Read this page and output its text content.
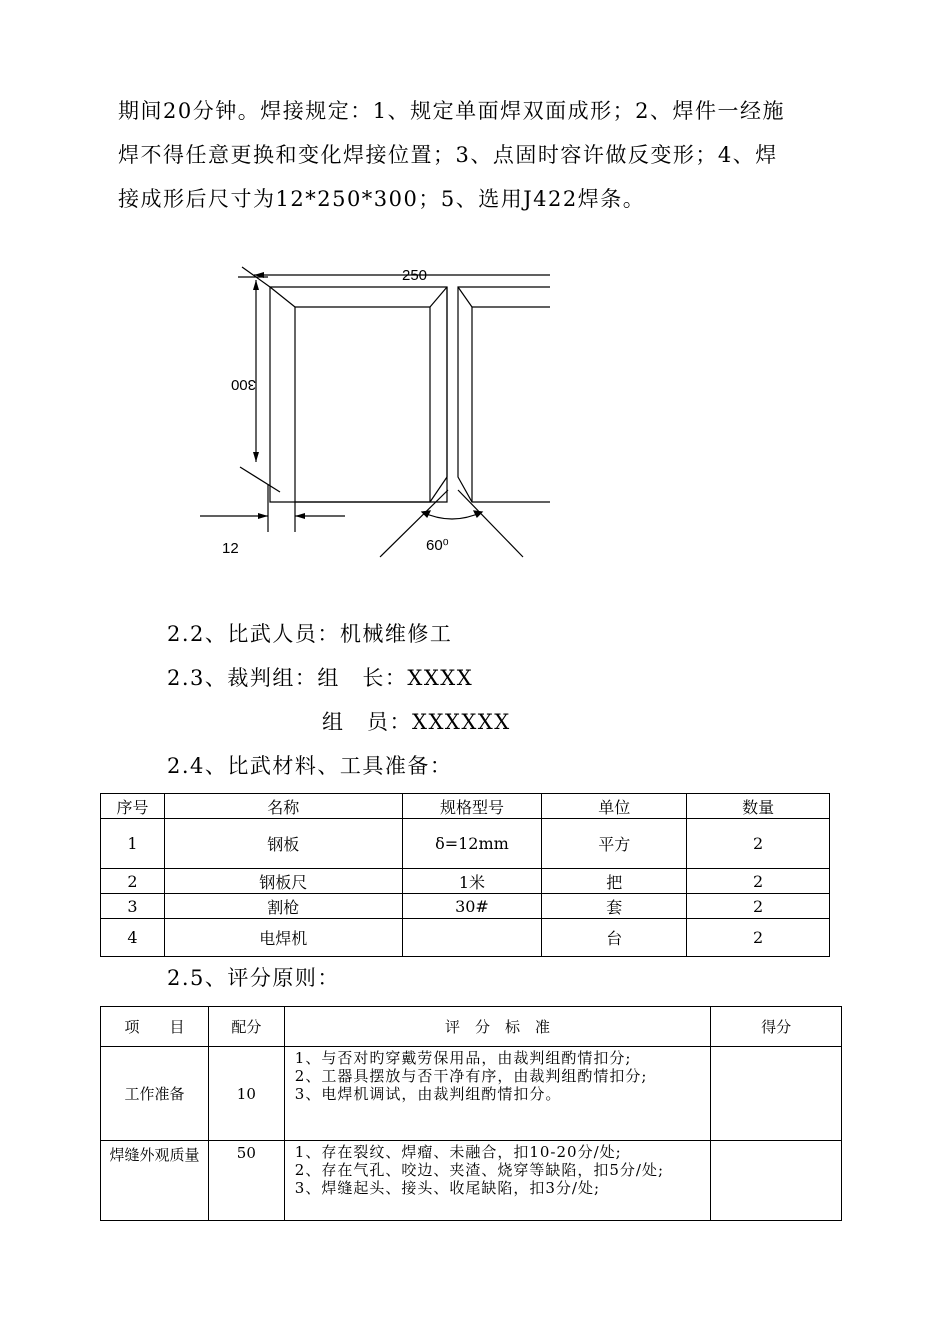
期间20分钟。焊接规定：1、规定单面焊双面成形；2、焊件一经施
焊不得任意更换和变化焊接位置；3、点固时容许做反变形；4、焊
接成形后尺寸为12*250*300；5、选用J422焊条。
250
300
12	60⁰
2.2、比武人员：机械维修工
2.3、裁判组：组　长：XXXX
组　员：XXXXXX
2.4、比武材料、工具准备：
序号	名称	规格型号	单位	数量
1	钢板	δ=12mm	平方	2
2	钢板尺	1米	把	2
3	割枪	30#	套	2
4	电焊机		台	2
2.5、评分原则：
项　　目	配分	评　分　标　准	得分
工作准备	10	1、与否对旳穿戴劳保用品，由裁判组酌情扣分;
2、工器具摆放与否干净有序，由裁判组酌情扣分;
3、电焊机调试，由裁判组酌情扣分。	

焊缝外观质量	50	1、存在裂纹、焊瘤、未融合，扣10-20分/处;
2、存在气孔、咬边、夹渣、烧穿等缺陷，扣5分/处;
3、焊缝起头、接头、收尾缺陷，扣3分/处;	
